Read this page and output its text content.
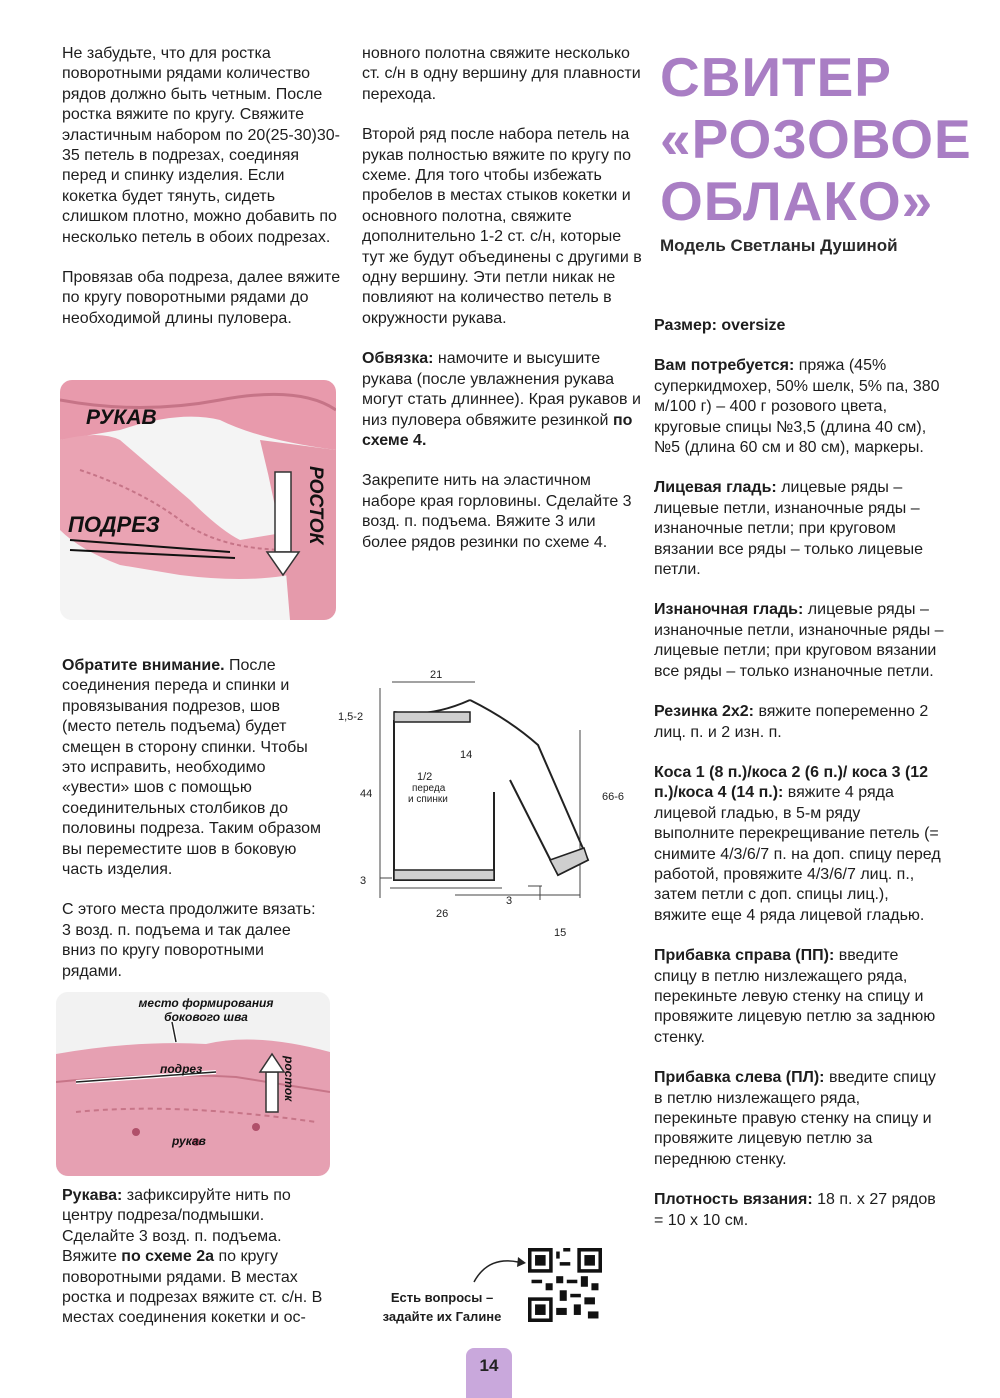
Не забудьте, что для ростка поворотными рядами количество рядов должно быть четным. После ростка вяжите по кругу. Свяжите эластичным набором по 20(25-30)30-35 петель в подрезах, соединяя перед и спинку изделия. Если кокетка будет тянуть, сидеть слишком плотно, можно добавить по несколько петель в обоих подрезах.

Провязав оба подреза, далее вяжите по кругу поворотными рядами до необходимой длины пуловера.

РУКАВ
ПОДРЕЗ	РОСТОК

Обратите внимание. После соединения переда и спинки и провязывания подрезов, шов (место петель подъема) будет смещен в сторону спинки. Чтобы это исправить, необходимо «увести» шов с помощью соединительных столбиков до половины подреза. Таким образом вы переместите шов в боковую часть изделия.

С этого места продолжите вязать: 3 возд. п. подъема и так далее вниз по кругу поворотными рядами.

место формирования бокового шва
подрез	росток
рукав

Рукава: зафиксируйте нить по центру подреза/подмышки. Сделайте 3 возд. п. подъема. Вяжите по схеме 2а по кругу поворотными рядами. В местах ростка и подрезах вяжите ст. с/н. В местах соединения кокетки и ос-

новного полотна свяжите несколько ст. с/н в одну вершину для плавности перехода.

Второй ряд после набора петель на рукав полностью вяжите по кругу по схеме. Для того чтобы избежать пробелов в местах стыков кокетки и основного полотна, свяжите дополнительно 1-2 ст. с/н, которые тут же будут объединены с другими в одну вершину. Эти петли никак не повлияют на количество петель в окружности рукава.

Обвязка: намочите и высушите рукава (после увлажнения рукава могут стать длиннее). Края рукавов и низ пуловера обвяжите резинкой по схеме 4.

Закрепите нить на эластичном наборе края горловины. Сделайте 3 возд. п. подъема. Вяжите 3 или более рядов резинки по схеме 4.

21
1,5-2
14
44
1/2
переда
и спинки	66-6
3
26
3
15
СВИТЕР
«РОЗОВОЕ
ОБЛАКО»
Модель Светланы Душиной

Размер: oversize

Вам потребуется: пряжа (45% суперкидмохер, 50% шелк, 5% па, 380 м/100 г) – 400 г розового цвета, круговые спицы №3,5 (длина 40 см), №5 (длина 60 см и 80 см), маркеры.

Лицевая гладь: лицевые ряды – лицевые петли, изнаночные ряды – изнаночные петли; при круговом вязании все ряды – только лицевые петли.

Изнаночная гладь: лицевые ряды – изнаночные петли, изнаночные ряды – лицевые петли; при круговом вязании все ряды – только изнаночные петли.

Резинка 2х2: вяжите попеременно 2 лиц. п. и 2 изн. п.

Коса 1 (8 п.)/коса 2 (6 п.)/ коса 3 (12 п.)/коса 4 (14 п.): вяжите 4 ряда лицевой гладью, в 5-м ряду выполните перекрещивание петель (= снимите 4/3/6/7 п. на доп. спицу перед работой, провяжите 4/3/6/7 лиц. п., затем петли с доп. спицы лиц.), вяжите еще 4 ряда лицевой гладью.

Прибавка справа (ПП): введите спицу в петлю низлежащего ряда, перекиньте левую стенку на спицу и провяжите лицевую петлю за заднюю стенку.

Прибавка слева (ПЛ): введите спицу в петлю низлежащего ряда, перекиньте правую стенку на спицу и провяжите лицевую петлю за переднюю стенку.

Плотность вязания: 18 п. х 27 рядов = 10 х 10 см.

Есть вопросы –
задайте их Галине
14
